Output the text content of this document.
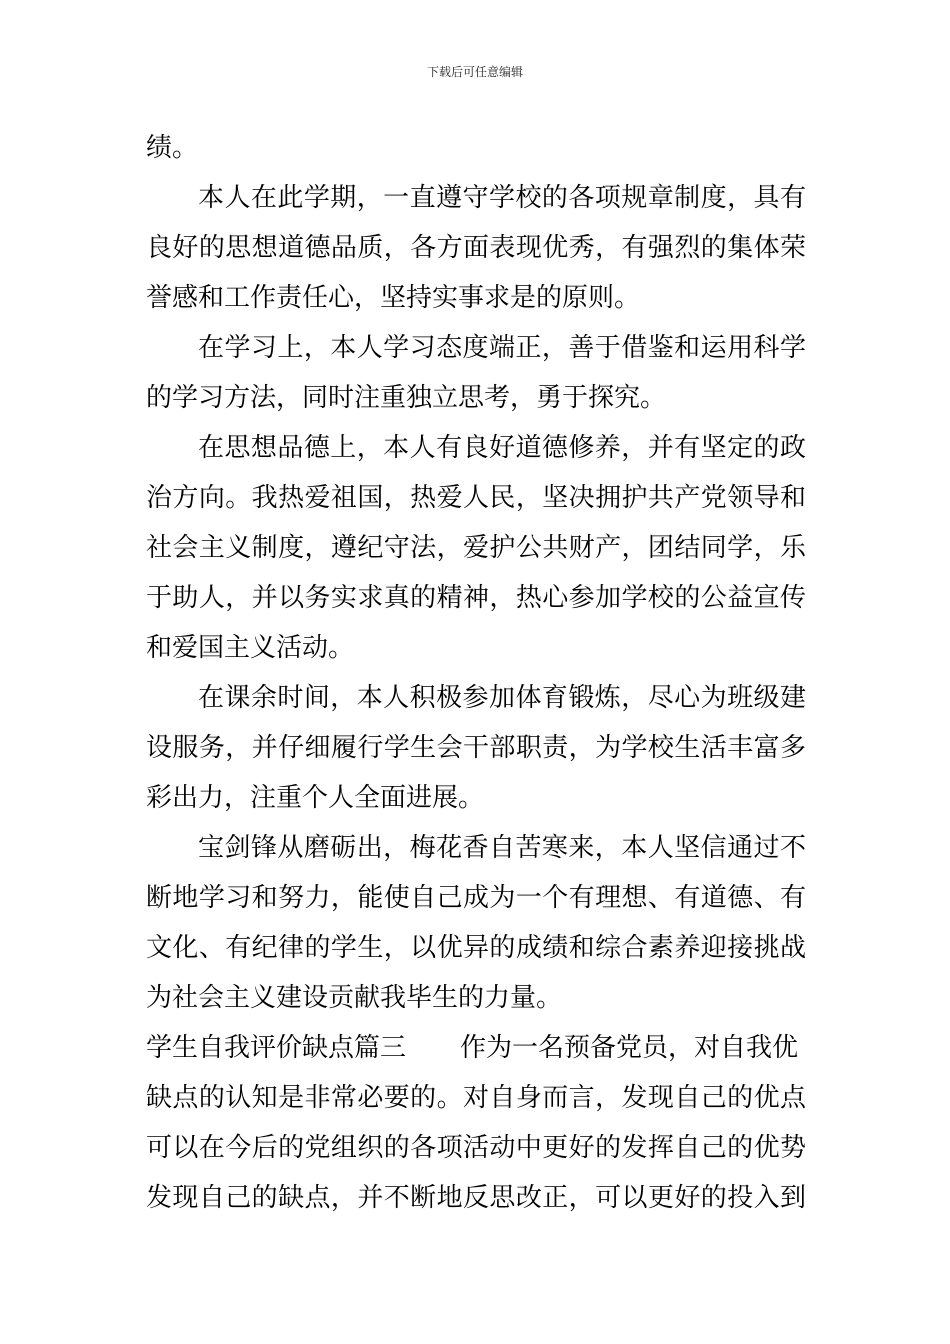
下载后可任意编辑
绩。
本人在此学期，一直遵守学校的各项规章制度，具有
良好的思想道德品质，各方面表现优秀，有强烈的集体荣
誉感和工作责任心，坚持实事求是的原则。
在学习上，本人学习态度端正，善于借鉴和运用科学
的学习方法，同时注重独立思考，勇于探究。
在思想品德上，本人有良好道德修养，并有坚定的政
治方向。我热爱祖国，热爱人民，坚决拥护共产党领导和
社会主义制度，遵纪守法，爱护公共财产，团结同学，乐
于助人，并以务实求真的精神，热心参加学校的公益宣传
和爱国主义活动。
在课余时间，本人积极参加体育锻炼，尽心为班级建
设服务，并仔细履行学生会干部职责，为学校生活丰富多
彩出力，注重个人全面进展。
宝剑锋从磨砺出，梅花香自苦寒来，本人坚信通过不
断地学习和努力，能使自己成为一个有理想、有道德、有
文化、有纪律的学生，以优异的成绩和综合素养迎接挑战
为社会主义建设贡献我毕生的力量。
学生自我评价缺点篇三 作为一名预备党员，对自我优
缺点的认知是非常必要的。对自身而言，发现自己的优点
可以在今后的党组织的各项活动中更好的发挥自己的优势
发现自己的缺点，并不断地反思改正，可以更好的投入到
